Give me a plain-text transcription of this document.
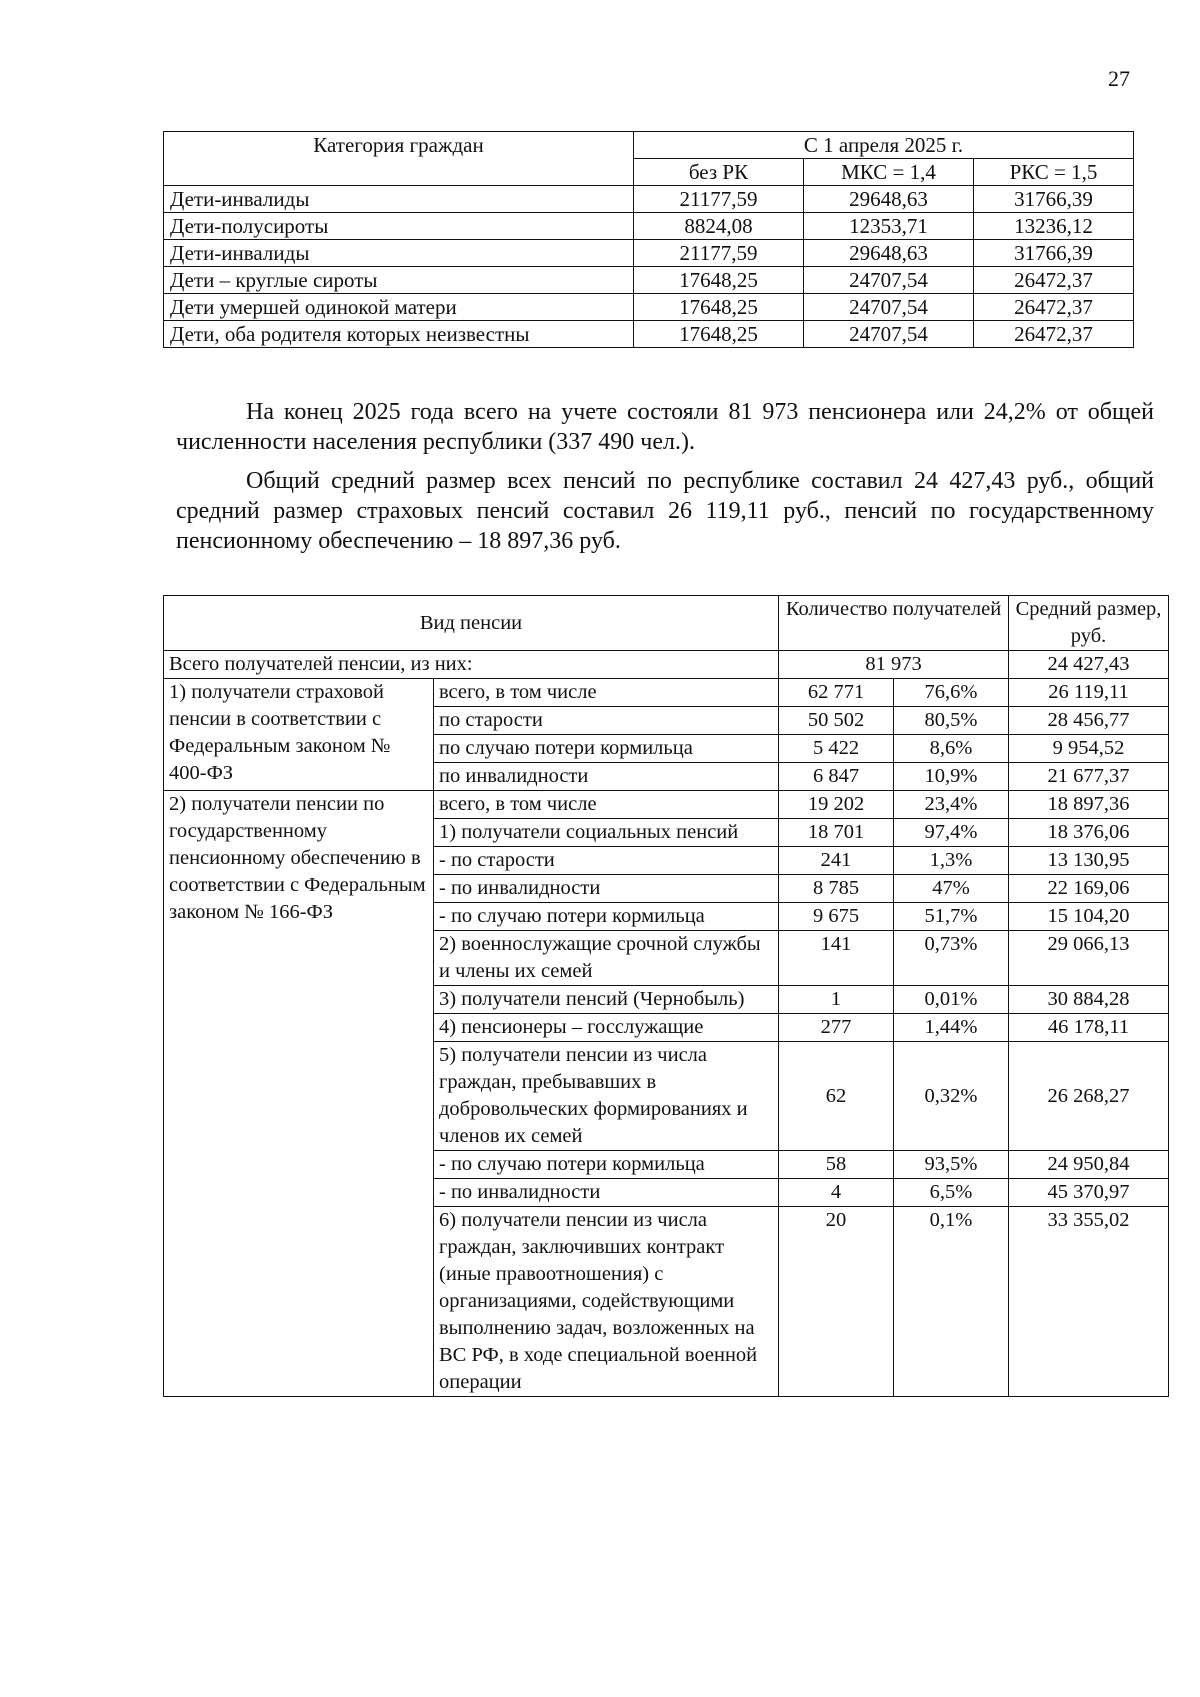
27
Категория граждан	С 1 апреля 2025 г.		
	без РК	МКС = 1,4	РКС = 1,5
Дети-инвалиды	21177,59	29648,63	31766,39
Дети-полусироты	8824,08	12353,71	13236,12
Дети-инвалиды	21177,59	29648,63	31766,39
Дети – круглые сироты	17648,25	24707,54	26472,37
Дети умершей одинокой матери	17648,25	24707,54	26472,37
Дети, оба родителя которых неизвестны	17648,25	24707,54	26472,37
На конец 2025 года всего на учете состояли 81 973 пенсионера или 24,2% от общей численности населения республики (337 490 чел.).
Общий средний размер всех пенсий по республике составил 24 427,43 руб., общий средний размер страховых пенсий составил 26 119,11 руб., пенсий по государственному пенсионному обеспечению – 18 897,36 руб.
Вид пенсии		Количество получателей		Средний размер, руб.
Всего получателей пенсии, из них:		81 973		24 427,43
1) получатели страховой пенсии в соответствии с Федеральным законом № 400-ФЗ	всего, в том числе	62 771	76,6%	26 119,11
	по старости	50 502	80,5%	28 456,77
	по случаю потери кормильца	5 422	8,6%	9 954,52
	по инвалидности	6 847	10,9%	21 677,37
2) получатели пенсии по государственному пенсионному обеспечению в соответствии с Федеральным законом № 166-ФЗ	всего, в том числе	19 202	23,4%	18 897,36
	1) получатели социальных пенсий	18 701	97,4%	18 376,06
	- по старости	241	1,3%	13 130,95
	- по инвалидности	8 785	47%	22 169,06
	- по случаю потери кормильца	9 675	51,7%	15 104,20
	2) военнослужащие срочной службы и члены их семей	141	0,73%	29 066,13
	3) получатели пенсий (Чернобыль)	1	0,01%	30 884,28
	4) пенсионеры – госслужащие	277	1,44%	46 178,11
	5) получатели пенсии из числа граждан, пребывавших в добровольческих формированиях и членов их семей	62	0,32%	26 268,27
	- по случаю потери кормильца	58	93,5%	24 950,84
	- по инвалидности	4	6,5%	45 370,97
	6) получатели пенсии из числа граждан, заключивших контракт (иные правоотношения) с организациями, содействующими выполнению задач, возложенных на ВС РФ, в ходе специальной военной операции	20	0,1%	33 355,02
